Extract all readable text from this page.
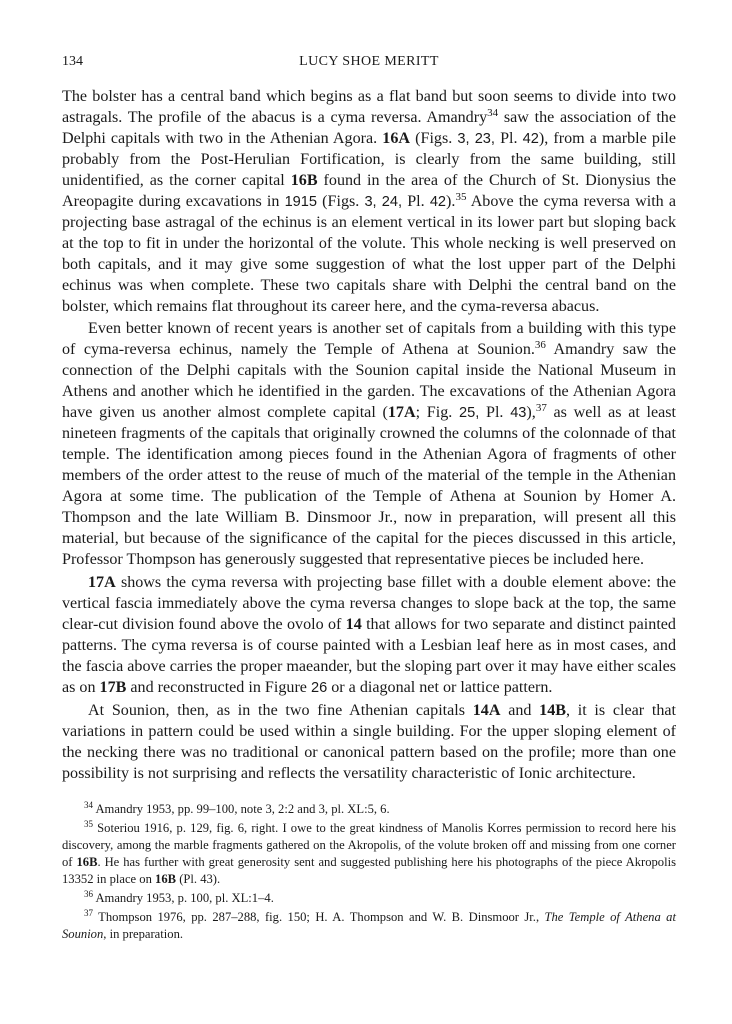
134	LUCY SHOE MERITT

The bolster has a central band which begins as a flat band but soon seems to divide into two astragals. The profile of the abacus is a cyma reversa. Amandry$^{34}$ saw the association of the Delphi capitals with two in the Athenian Agora. 16A (Figs. 3, 23, Pl. 42), from a marble pile probably from the Post-Herulian Fortification, is clearly from the same building, still unidentified, as the corner capital 16B found in the area of the Church of St. Dionysius the Areopagite during excavations in 1915 (Figs. 3, 24, Pl. 42).$^{35}$ Above the cyma reversa with a projecting base astragal of the echinus is an element vertical in its lower part but sloping back at the top to fit in under the horizontal of the volute. This whole necking is well preserved on both capitals, and it may give some suggestion of what the lost upper part of the Delphi echinus was when complete. These two capitals share with Delphi the central band on the bolster, which remains flat throughout its career here, and the cyma-reversa abacus.

Even better known of recent years is another set of capitals from a building with this type of cyma-reversa echinus, namely the Temple of Athena at Sounion.$^{36}$ Amandry saw the connection of the Delphi capitals with the Sounion capital inside the National Museum in Athens and another which he identified in the garden. The excavations of the Athenian Agora have given us another almost complete capital (17A; Fig. 25, Pl. 43),$^{37}$ as well as at least nineteen fragments of the capitals that originally crowned the columns of the colonnade of that temple. The identification among pieces found in the Athenian Agora of fragments of other members of the order attest to the reuse of much of the material of the temple in the Athenian Agora at some time. The publication of the Temple of Athena at Sounion by Homer A. Thompson and the late William B. Dinsmoor Jr., now in preparation, will present all this material, but because of the significance of the capital for the pieces discussed in this article, Professor Thompson has generously suggested that representative pieces be included here.

17A shows the cyma reversa with projecting base fillet with a double element above: the vertical fascia immediately above the cyma reversa changes to slope back at the top, the same clear-cut division found above the ovolo of 14 that allows for two separate and distinct painted patterns. The cyma reversa is of course painted with a Lesbian leaf here as in most cases, and the fascia above carries the proper maeander, but the sloping part over it may have either scales as on 17B and reconstructed in Figure 26 or a diagonal net or lattice pattern.

At Sounion, then, as in the two fine Athenian capitals 14A and 14B, it is clear that variations in pattern could be used within a single building. For the upper sloping element of the necking there was no traditional or canonical pattern based on the profile; more than one possibility is not surprising and reflects the versatility characteristic of Ionic architecture.

$^{34}$ Amandry 1953, pp. 99–100, note 3, 2:2 and 3, pl. XL:5, 6.

$^{35}$ Soteriou 1916, p. 129, fig. 6, right. I owe to the great kindness of Manolis Korres permission to record here his discovery, among the marble fragments gathered on the Akropolis, of the volute broken off and missing from one corner of 16B. He has further with great generosity sent and suggested publishing here his photographs of the piece Akropolis 13352 in place on 16B (Pl. 43).

$^{36}$ Amandry 1953, p. 100, pl. XL:1–4.

$^{37}$ Thompson 1976, pp. 287–288, fig. 150; H. A. Thompson and W. B. Dinsmoor Jr., The Temple of Athena at Sounion, in preparation.
